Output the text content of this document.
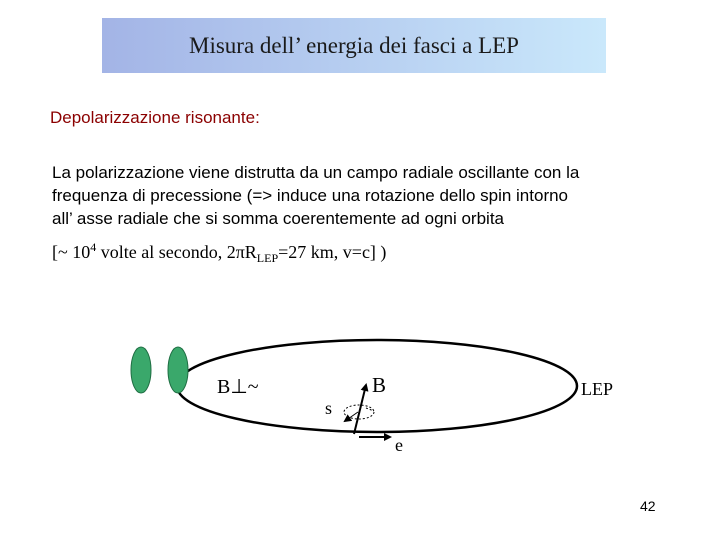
Misura dell’ energia dei fasci a LEP
Depolarizzazione risonante:
La polarizzazione viene distrutta da un campo radiale oscillante con la
frequenza di precessione (=> induce una rotazione dello spin intorno
all’ asse radiale che si somma coerentemente ad ogni orbita
[~ $10^4$ volte al secondo, $2\pi R_{LEP}=27$ km, v=c] )
B⊥~
s
B	LEP
e
42
